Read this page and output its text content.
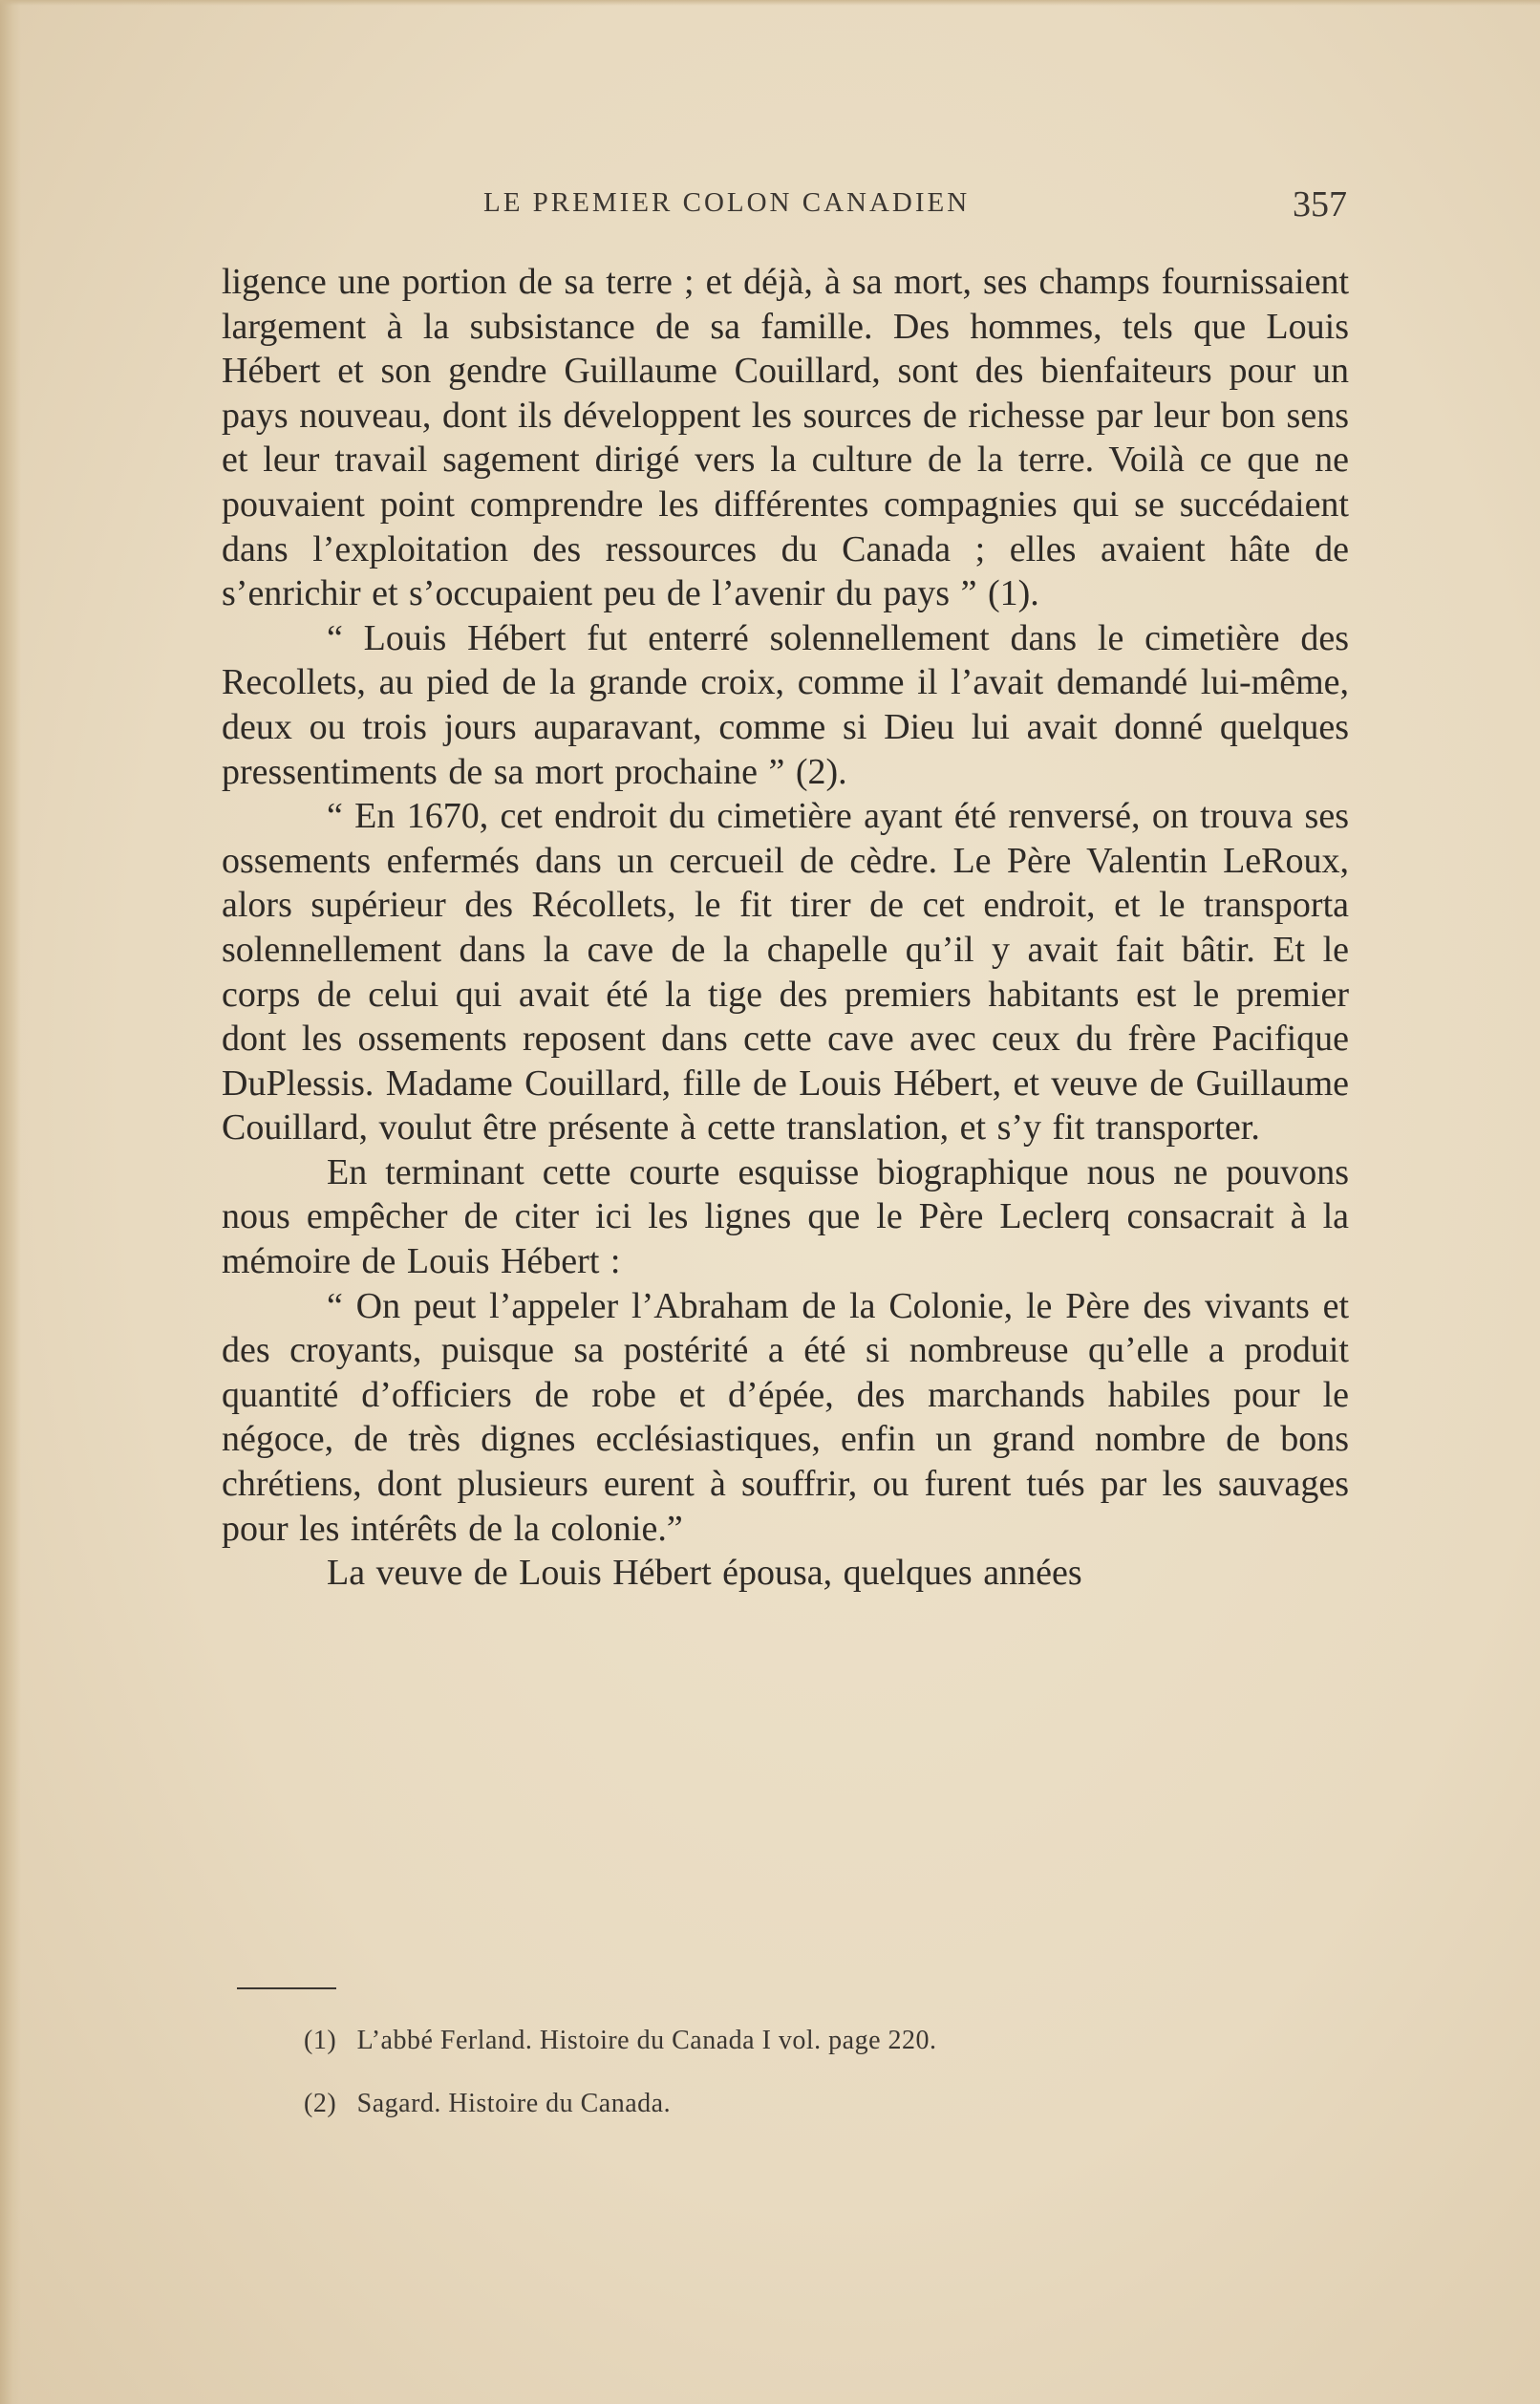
LE PREMIER COLON CANADIEN	357

ligence une portion de sa terre ; et déjà, à sa mort, ses champs fournissaient largement à la subsistance de sa famille. Des hommes, tels que Louis Hébert et son gendre Guillaume Couillard, sont des bienfaiteurs pour un pays nouveau, dont ils développent les sources de richesse par leur bon sens et leur travail sagement dirigé vers la culture de la terre. Voilà ce que ne pouvaient point comprendre les différentes compagnies qui se succédaient dans l’exploitation des ressources du Canada ; elles avaient hâte de s’enrichir et s’occupaient peu de l’avenir du pays ” (1).

“ Louis Hébert fut enterré solennellement dans le cimetière des Recollets, au pied de la grande croix, comme il l’avait demandé lui-même, deux ou trois jours auparavant, comme si Dieu lui avait donné quelques pressentiments de sa mort prochaine ” (2).

“ En 1670, cet endroit du cimetière ayant été renversé, on trouva ses ossements enfermés dans un cercueil de cèdre. Le Père Valentin LeRoux, alors supérieur des Récollets, le fit tirer de cet endroit, et le transporta solennellement dans la cave de la chapelle qu’il y avait fait bâtir. Et le corps de celui qui avait été la tige des premiers habitants est le premier dont les ossements reposent dans cette cave avec ceux du frère Pacifique DuPlessis. Madame Couillard, fille de Louis Hébert, et veuve de Guillaume Couillard, voulut être présente à cette translation, et s’y fit transporter.

En terminant cette courte esquisse biographique nous ne pouvons nous empêcher de citer ici les lignes que le Père Leclerq consacrait à la mémoire de Louis Hébert :

“ On peut l’appeler l’Abraham de la Colonie, le Père des vivants et des croyants, puisque sa postérité a été si nombreuse qu’elle a produit quantité d’officiers de robe et d’épée, des marchands habiles pour le négoce, de très dignes ecclésiastiques, enfin un grand nombre de bons chrétiens, dont plusieurs eurent à souffrir, ou furent tués par les sauvages pour les intérêts de la colonie.”

La veuve de Louis Hébert épousa, quelques années

(1) L’abbé Ferland. Histoire du Canada I vol. page 220.

(2) Sagard. Histoire du Canada.
